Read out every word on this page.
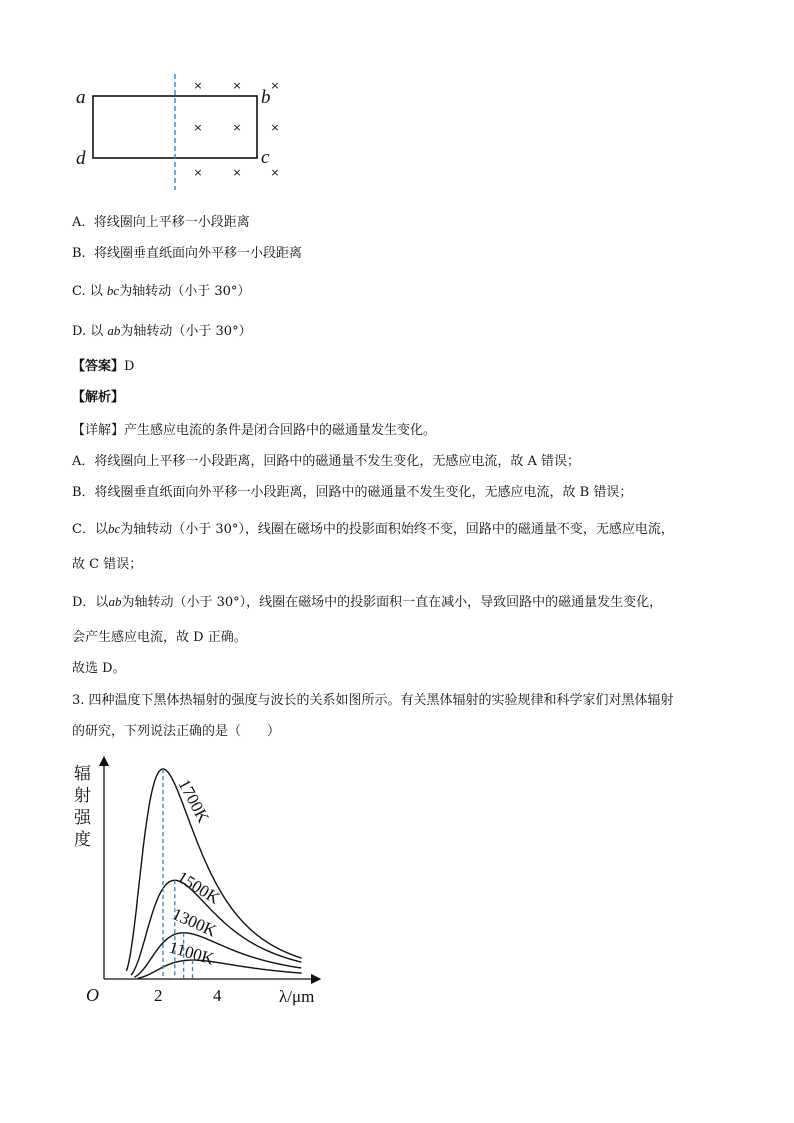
×	×	×
×	×	×
×	×	×
a	b
c
d
A. 将线圈向上平移一小段距离
B. 将线圈垂直纸面向外平移一小段距离
C. 以 bc为轴转动（小于 30°）
D. 以 ab为轴转动（小于 30°）
【答案】D
【解析】
【详解】产生感应电流的条件是闭合回路中的磁通量发生变化。
A．将线圈向上平移一小段距离，回路中的磁通量不发生变化，无感应电流，故 A 错误；
B．将线圈垂直纸面向外平移一小段距离，回路中的磁通量不发生变化，无感应电流，故 B 错误；
C．以bc为轴转动（小于 30°），线圈在磁场中的投影面积始终不变，回路中的磁通量不变，无感应电流，
故 C 错误；
D．以ab为轴转动（小于 30°），线圈在磁场中的投影面积一直在减小，导致回路中的磁通量发生变化，
会产生感应电流，故 D 正确。
故选 D。
3. 四种温度下黑体热辐射的强度与波长的关系如图所示。有关黑体辐射的实验规律和科学家们对黑体辐射
的研究，下列说法正确的是（　　）
辐
射
强
度
O	2	4	λ/μm
1700K
1500K
1300K
1100K
